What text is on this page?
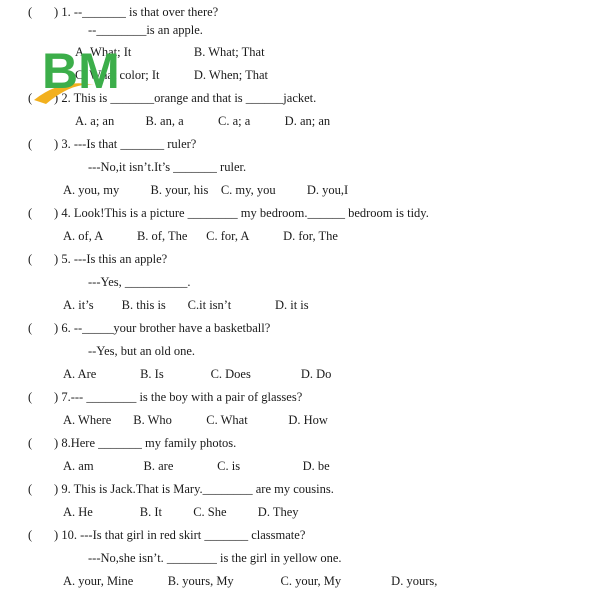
(       ) 1. --_______ is that over there?
--________is an apple.
A. What; It                    B. What; That
C. What color; It           D. When; That
(       ) 2. This is _______orange and that is ______jacket.
A. a; an          B. an, a           C. a; a           D. an; an
(       ) 3. ---Is that _______ ruler?
---No,it isn’t.It’s _______ ruler.
A. you, my          B. your, his    C. my, you          D. you,I
(       ) 4. Look!This is a picture ________ my bedroom.______ bedroom is tidy.
A. of, A           B. of, The      C. for, A           D. for, The
(       ) 5. ---Is this an apple?
---Yes, __________.
A. it’s         B. this is       C.it isn’t              D. it is
(       ) 6. --_____your brother have a basketball?
--Yes, but an old one.
A. Are              B. Is               C. Does                D. Do
(       ) 7.--- ________ is the boy with a pair of glasses?
A. Where       B. Who           C. What             D. How
(       ) 8.Here _______ my family photos.
A. am                B. are              C. is                    D. be
(       ) 9. This is Jack.That is Mary.________ are my cousins.
A. He               B. It          C. She          D. They
(       ) 10. ---Is that girl in red skirt _______ classmate?
---No,she isn’t. ________ is the girl in yellow one.
A. your, Mine           B. yours, My               C. your, My                D. yours,
BM
